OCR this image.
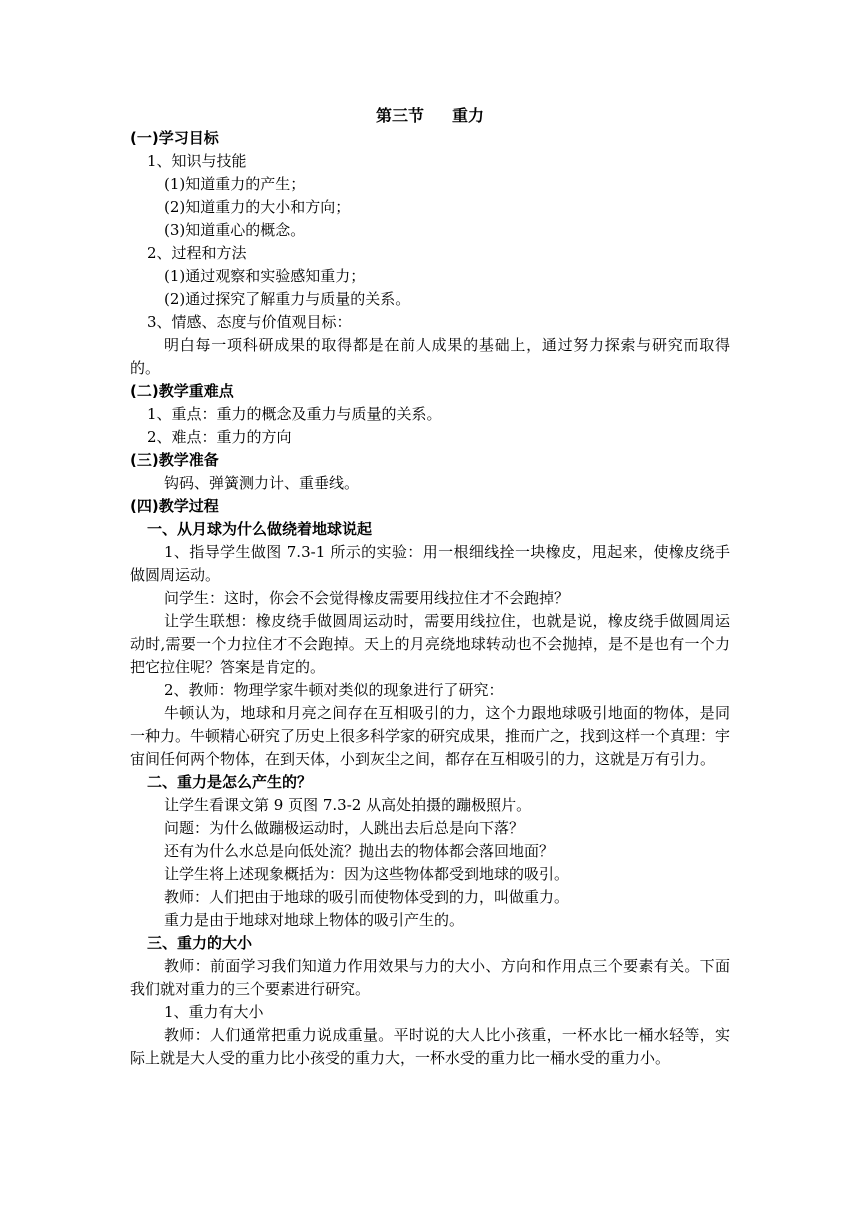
第三节 重力
(一)学习目标
1、知识与技能
(1)知道重力的产生；
(2)知道重力的大小和方向；
(3)知道重心的概念。
2、过程和方法
(1)通过观察和实验感知重力；
(2)通过探究了解重力与质量的关系。
3、情感、态度与价值观目标：
明白每一项科研成果的取得都是在前人成果的基础上，通过努力探索与研究而取得的。
(二)教学重难点
1、重点：重力的概念及重力与质量的关系。
2、难点：重力的方向
(三)教学准备
钩码、弹簧测力计、重垂线。
(四)教学过程
一、从月球为什么做绕着地球说起
1、指导学生做图 7.3-1 所示的实验：用一根细线拴一块橡皮，甩起来，使橡皮绕手做圆周运动。
问学生：这时，你会不会觉得橡皮需要用线拉住才不会跑掉？
让学生联想：橡皮绕手做圆周运动时，需要用线拉住，也就是说，橡皮绕手做圆周运动时,需要一个力拉住才不会跑掉。天上的月亮绕地球转动也不会抛掉，是不是也有一个力把它拉住呢？答案是肯定的。
2、教师：物理学家牛顿对类似的现象进行了研究：
牛顿认为，地球和月亮之间存在互相吸引的力，这个力跟地球吸引地面的物体，是同一种力。牛顿精心研究了历史上很多科学家的研究成果，推而广之，找到这样一个真理：宇宙间任何两个物体，在到天体，小到灰尘之间，都存在互相吸引的力，这就是万有引力。
二、重力是怎么产生的？
让学生看课文第 9 页图 7.3-2 从高处拍摄的蹦极照片。
问题：为什么做蹦极运动时，人跳出去后总是向下落？
还有为什么水总是向低处流？抛出去的物体都会落回地面？
让学生将上述现象概括为：因为这些物体都受到地球的吸引。
教师：人们把由于地球的吸引而使物体受到的力，叫做重力。
重力是由于地球对地球上物体的吸引产生的。
三、重力的大小
教师：前面学习我们知道力作用效果与力的大小、方向和作用点三个要素有关。下面我们就对重力的三个要素进行研究。
1、重力有大小
教师：人们通常把重力说成重量。平时说的大人比小孩重，一杯水比一桶水轻等，实际上就是大人受的重力比小孩受的重力大，一杯水受的重力比一桶水受的重力小。
